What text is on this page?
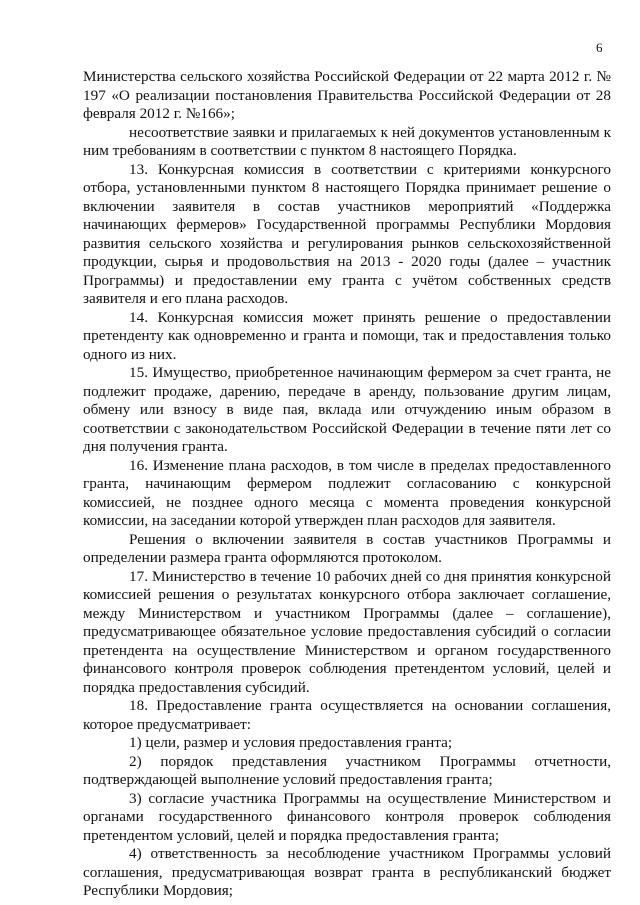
6

Министерства сельского хозяйства Российской Федерации от 22 марта 2012 г. № 197 «О реализации постановления Правительства Российской Федерации от 28 февраля 2012 г. №166»;

несоответствие заявки и прилагаемых к ней документов установленным к ним требованиям в соответствии с пунктом 8 настоящего Порядка.

13. Конкурсная комиссия в соответствии с критериями конкурсного отбора, установленными пунктом 8 настоящего Порядка принимает решение о включении заявителя в состав участников мероприятий «Поддержка начинающих фермеров» Государственной программы Республики Мордовия развития сельского хозяйства и регулирования рынков сельскохозяйственной продукции, сырья и продовольствия на 2013 - 2020 годы (далее – участник Программы) и предоставлении ему гранта с учётом собственных средств заявителя и его плана расходов.

14. Конкурсная комиссия может принять решение о предоставлении претенденту как одновременно и гранта и помощи, так и предоставления только одного из них.

15. Имущество, приобретенное начинающим фермером за счет гранта, не подлежит продаже, дарению, передаче в аренду, пользование другим лицам, обмену или взносу в виде пая, вклада или отчуждению иным образом в соответствии с законодательством Российской Федерации в течение пяти лет со дня получения гранта.

16. Изменение плана расходов, в том числе в пределах предоставленного гранта, начинающим фермером подлежит согласованию с конкурсной комиссией, не позднее одного месяца с момента проведения конкурсной комиссии, на заседании которой утвержден план расходов для заявителя.

Решения о включении заявителя в состав участников Программы и определении размера гранта оформляются протоколом.

17. Министерство в течение 10 рабочих дней со дня принятия конкурсной комиссией решения о результатах конкурсного отбора заключает соглашение, между Министерством и участником Программы (далее – соглашение), предусматривающее обязательное условие предоставления субсидий о согласии претендента на осуществление Министерством и органом государственного финансового контроля проверок соблюдения претендентом условий, целей и порядка предоставления субсидий.

18. Предоставление гранта осуществляется на основании соглашения, которое предусматривает:

1) цели, размер и условия предоставления гранта;

2) порядок представления участником Программы отчетности, подтверждающей выполнение условий предоставления гранта;

3) согласие участника Программы на осуществление Министерством и органами государственного финансового контроля проверок соблюдения претендентом условий, целей и порядка предоставления гранта;

4) ответственность за несоблюдение участником Программы условий соглашения, предусматривающая возврат гранта в республиканский бюджет Республики Мордовия;
